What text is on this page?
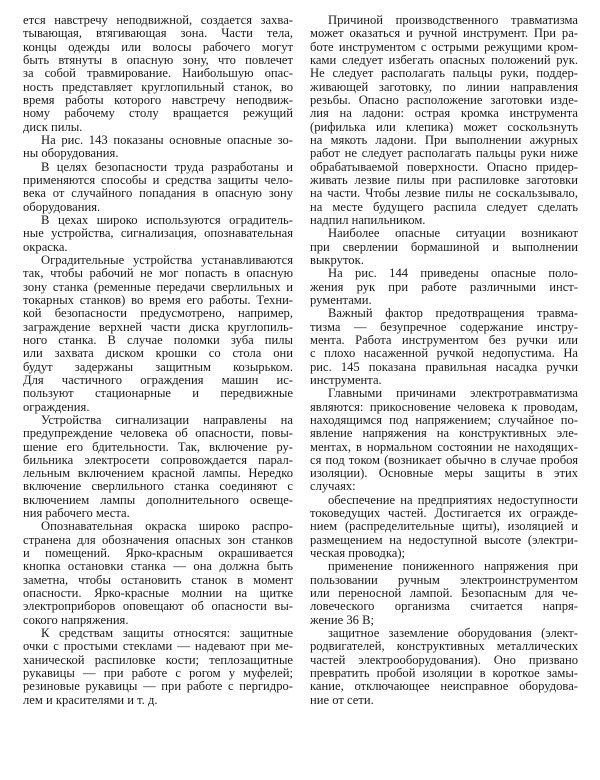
ется навстречу неподвижной, создается захва-
тывающая, втягивающая зона. Части тела,
концы одежды или волосы рабочего могут
быть втянуты в опасную зону, что повлечет
за собой травмирование. Наибольшую опас-
ность представляет круглопильный станок, во
время работы которого навстречу неподвиж-
ному рабочему столу вращается режущий
диск пилы.
На рис. 143 показаны основные опасные зо-
ны оборудования.
В целях безопасности труда разработаны и
применяются способы и средства защиты чело-
века от случайного попадания в опасную зону
оборудования.
В цехах широко используются оградитель-
ные устройства, сигнализация, опознавательная
окраска.
Оградительные устройства устанавливаются
так, чтобы рабочий не мог попасть в опасную
зону станка (ременные передачи сверлильных и
токарных станков) во время его работы. Техни-
кой безопасности предусмотрено, например,
заграждение верхней части диска круглопиль-
ного станка. В случае поломки зуба пилы
или захвата диском крошки со стола они
будут задержаны защитным козырьком.
Для частичного ограждения машин ис-
пользуют стационарные и передвижные
ограждения.
Устройства сигнализации направлены на
предупреждение человека об опасности, повы-
шение его бдительности. Так, включение ру-
бильника электросети сопровождается парал-
лельным включением красной лампы. Нередко
включение сверлильного станка соединяют с
включением лампы дополнительного освеще-
ния рабочего места.
Опознавательная окраска широко распро-
странена для обозначения опасных зон станков
и помещений. Ярко-красным окрашивается
кнопка остановки станка — она должна быть
заметна, чтобы остановить станок в момент
опасности. Ярко-красные молнии на щитке
электроприборов оповещают об опасности вы-
сокого напряжения.
К средствам защиты относятся: защитные
очки с простыми стеклами — надевают при ме-
ханической распиловке кости; теплозащитные
рукавицы — при работе с рогом у муфелей;
резиновые рукавицы — при работе с пергидро-
лем и красителями и т. д.
Причиной производственного травматизма
может оказаться и ручной инструмент. При ра-
боте инструментом с острыми режущими кром-
ками следует избегать опасных положений рук.
Не следует располагать пальцы руки, поддер-
живающей заготовку, по линии направления
резьбы. Опасно расположение заготовки изде-
лия на ладони: острая кромка инструмента
(рифилька или клепика) может соскользнуть
на мякоть ладони. При выполнении ажурных
работ не следует располагать пальцы руки ниже
обрабатываемой поверхности. Опасно придер-
живать лезвие пилы при распиловке заготовки
на части. Чтобы лезвие пилы не соскальзывало,
на месте будущего распила следует сделать
надпил напильником.
Наиболее опасные ситуации возникают
при сверлении бормашиной и выполнении
выкруток.
На рис. 144 приведены опасные поло-
жения рук при работе различными инст-
рументами.
Важный фактор предотвращения травма-
тизма — безупречное содержание инстру-
мента. Работа инструментом без ручки или
с плохо насаженной ручкой недопустима. На
рис. 145 показана правильная насадка ручки
инструмента.
Главными причинами электротравматизма
являются: прикосновение человека к проводам,
находящимся под напряжением; случайное по-
явление напряжения на конструктивных эле-
ментах, в нормальном состоянии не находящих-
ся под током (возникает обычно в случае пробоя
изоляции). Основные меры защиты в этих
случаях:
обеспечение на предприятиях недоступности
токоведущих частей. Достигается их огражде-
нием (распределительные щиты), изоляцией и
размещением на недоступной высоте (электри-
ческая проводка);
применение пониженного напряжения при
пользовании ручным электроинструментом
или переносной лампой. Безопасным для че-
ловеческого организма считается напря-
жение 36 В;
защитное заземление оборудования (элект-
родвигателей, конструктивных металлических
частей электрооборудования). Оно призвано
превратить пробой изоляции в короткое замы-
кание, отключающее неисправное оборудова-
ние от сети.
